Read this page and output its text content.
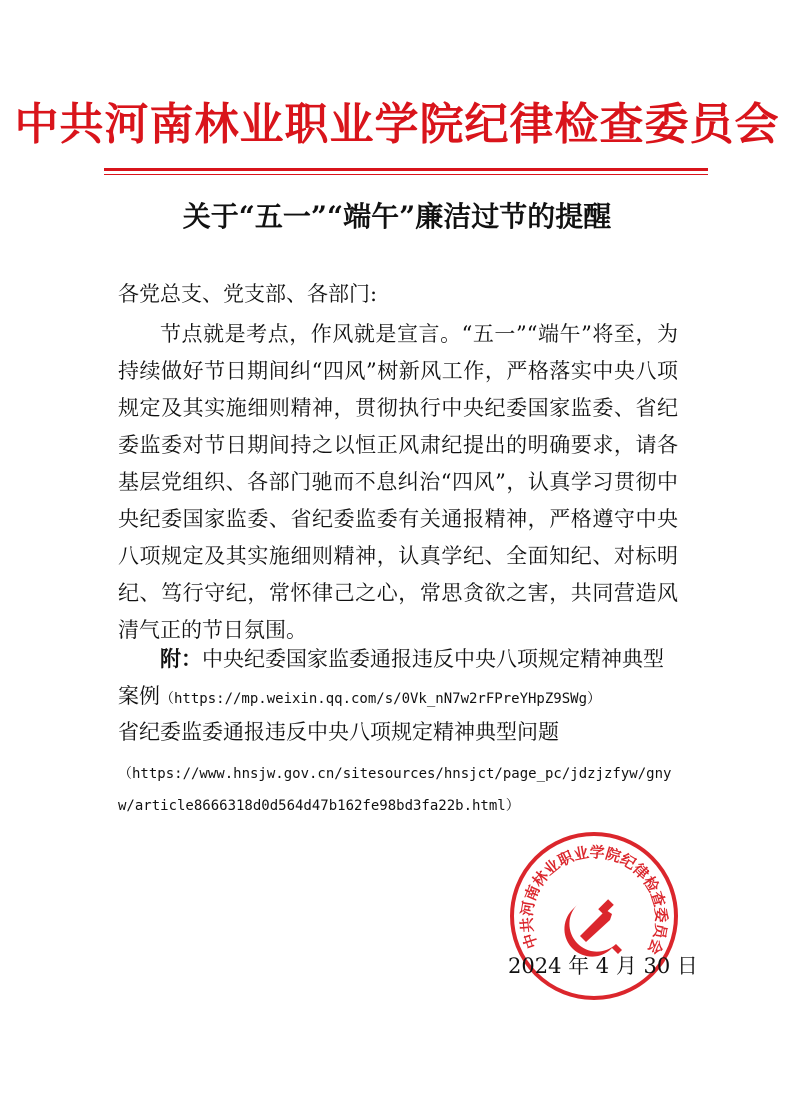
中共河南林业职业学院纪律检查委员会
关于“五一”“端午”廉洁过节的提醒
各党总支、党支部、各部门:
节点就是考点，作风就是宣言。“五一”“端午”将至，为持续做好节日期间纠“四风”树新风工作，严格落实中央八项规定及其实施细则精神，贯彻执行中央纪委国家监委、省纪委监委对节日期间持之以恒正风肃纪提出的明确要求，请各基层党组织、各部门驰而不息纠治“四风”，认真学习贯彻中央纪委国家监委、省纪委监委有关通报精神，严格遵守中央八项规定及其实施细则精神，认真学纪、全面知纪、对标明纪、笃行守纪，常怀律己之心，常思贪欲之害，共同营造风清气正的节日氛围。
附：中央纪委国家监委通报违反中央八项规定精神典型案例（https://mp.weixin.qq.com/s/0Vk_nN7w2rFPreYHpZ9SWg）
省纪委监委通报违反中央八项规定精神典型问题
（https://www.hnsjw.gov.cn/sitesources/hnsjct/page_pc/jdzjzfyw/gnyw/article8666318d0d564d47b162fe98bd3fa22b.html）
中共河南林业职业学院纪律检查委员会
2024 年 4 月 30 日
